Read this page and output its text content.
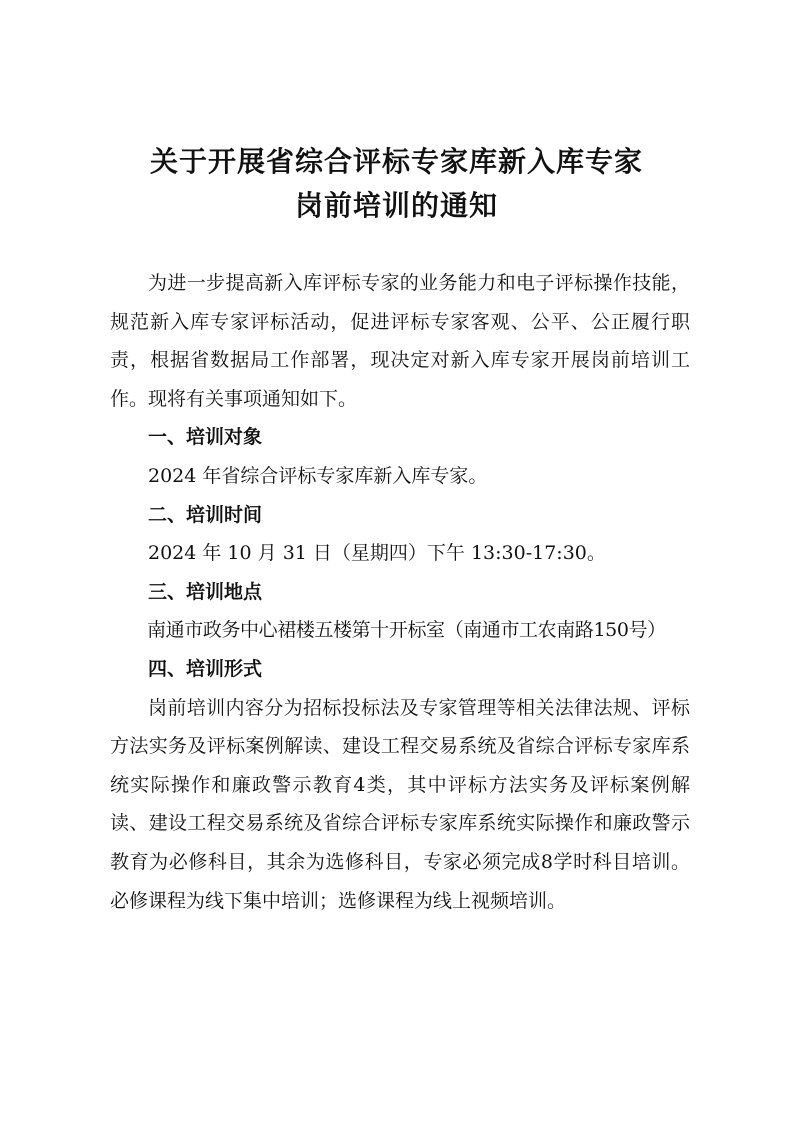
关于开展省综合评标专家库新入库专家
岗前培训的通知

为进一步提高新入库评标专家的业务能力和电子评标操作技能，规范新入库专家评标活动，促进评标专家客观、公平、公正履行职责，根据省数据局工作部署，现决定对新入库专家开展岗前培训工作。现将有关事项通知如下。

一、培训对象

2024 年省综合评标专家库新入库专家。

二、培训时间

2024 年 10 月 31 日（星期四）下午 13:30-17:30。

三、培训地点

南通市政务中心裙楼五楼第十开标室（南通市工农南路150号）

四、培训形式

岗前培训内容分为招标投标法及专家管理等相关法律法规、评标方法实务及评标案例解读、建设工程交易系统及省综合评标专家库系统实际操作和廉政警示教育4类，其中评标方法实务及评标案例解读、建设工程交易系统及省综合评标专家库系统实际操作和廉政警示教育为必修科目，其余为选修科目，专家必须完成8学时科目培训。必修课程为线下集中培训；选修课程为线上视频培训。
